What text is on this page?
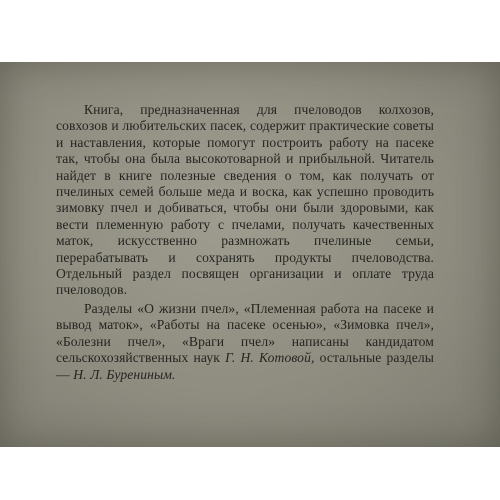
Книга, предназначенная для пчеловодов колхозов, совхозов и любительских пасек, содержит практические советы и наставления, которые помогут построить работу на пасеке так, чтобы она была высокотоварной и прибыльной. Читатель найдет в книге полезные сведения о том, как получать от пчелиных семей больше меда и воска, как успешно проводить зимовку пчел и добиваться, чтобы они были здоровыми, как вести племенную работу с пчелами, получать качественных маток, искусственно размножать пчелиные семьи, перерабатывать и сохранять продукты пчеловодства. Отдельный раздел посвящен организации и оплате труда пчеловодов.

Разделы «О жизни пчел», «Племенная работа на пасеке и вывод маток», «Работы на пасеке осенью», «Зимовка пчел», «Болезни пчел», «Враги пчел» написаны кандидатом сельскохозяйственных наук Г. Н. Котовой, остальные разделы — Н. Л. Бурениным.
